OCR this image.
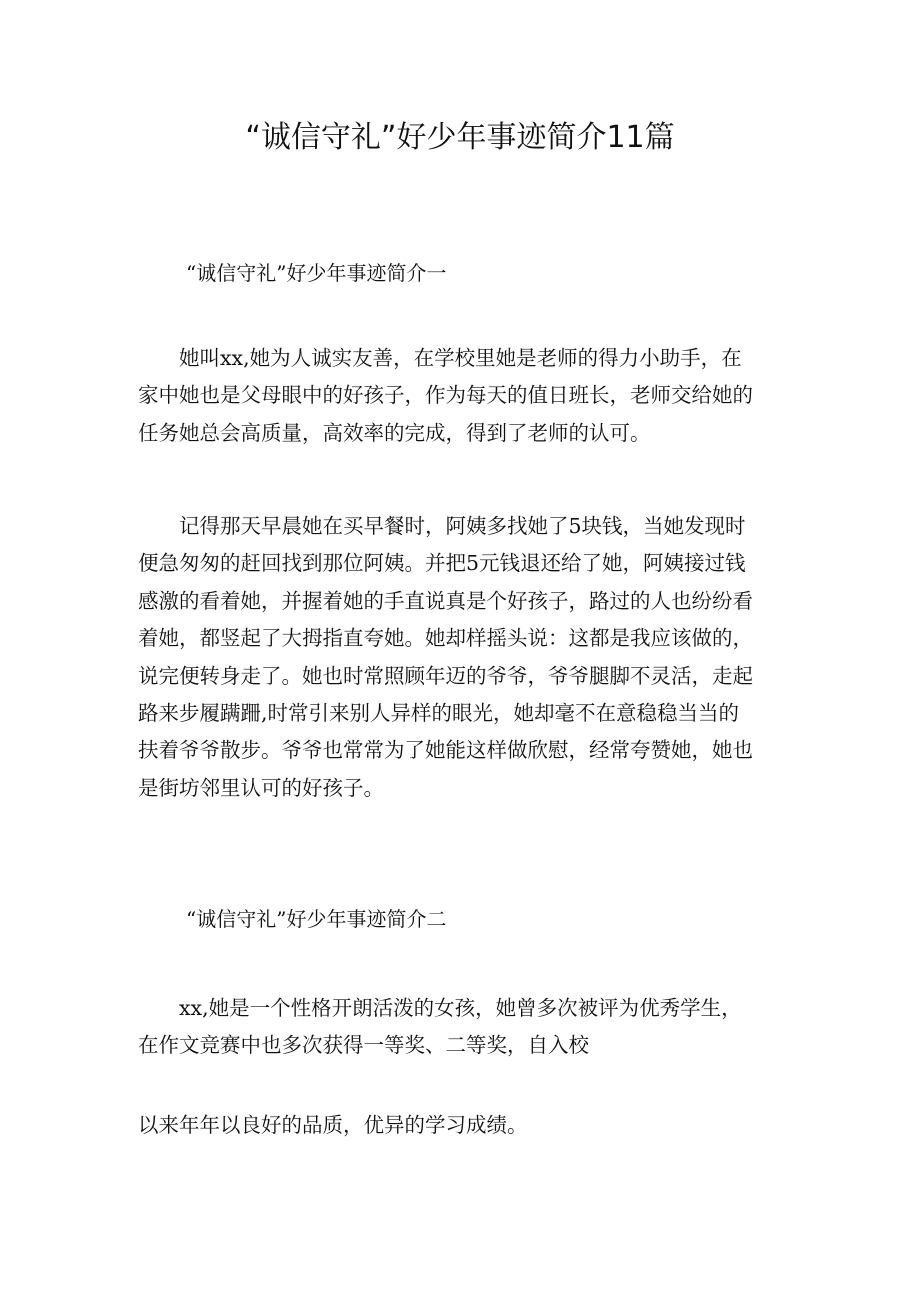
“诚信守礼”好少年事迹简介11篇

“诚信守礼”好少年事迹简介一

她叫xx,她为人诚实友善，在学校里她是老师的得力小助手，在
家中她也是父母眼中的好孩子，作为每天的值日班长，老师交给她的
任务她总会高质量，高效率的完成，得到了老师的认可。

记得那天早晨她在买早餐时，阿姨多找她了5块钱，当她发现时
便急匆匆的赶回找到那位阿姨。并把5元钱退还给了她，阿姨接过钱
感激的看着她，并握着她的手直说真是个好孩子，路过的人也纷纷看
着她，都竖起了大拇指直夸她。她却样摇头说：这都是我应该做的，
说完便转身走了。她也时常照顾年迈的爷爷，爷爷腿脚不灵活，走起
路来步履蹒跚,时常引来别人异样的眼光，她却毫不在意稳稳当当的
扶着爷爷散步。爷爷也常常为了她能这样做欣慰，经常夸赞她，她也
是街坊邻里认可的好孩子。

“诚信守礼”好少年事迹简介二

xx,她是一个性格开朗活泼的女孩，她曾多次被评为优秀学生，
在作文竞赛中也多次获得一等奖、二等奖，自入校

以来年年以良好的品质，优异的学习成绩。
